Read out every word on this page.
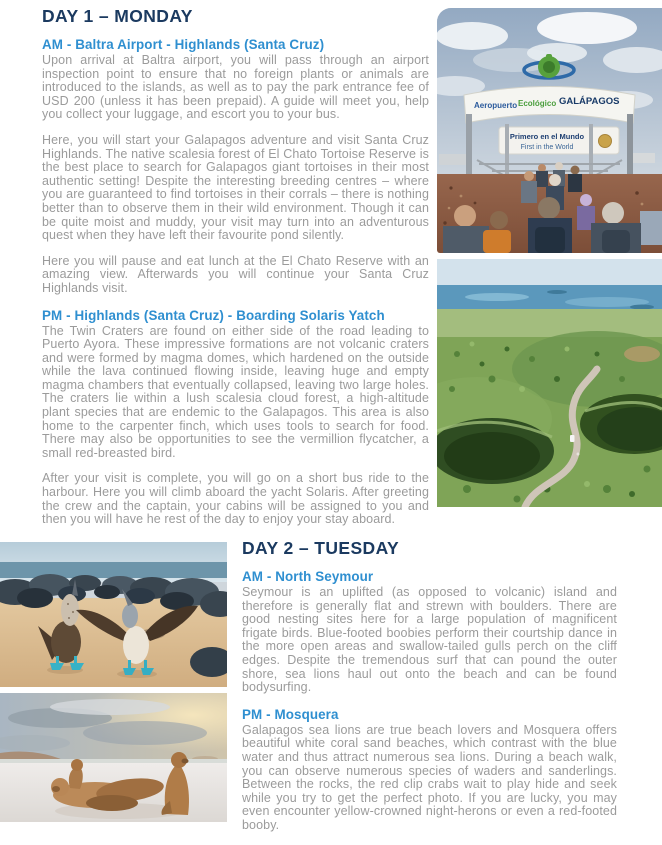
DAY 1 – MONDAY
AM - Baltra Airport - Highlands (Santa Cruz)

Upon arrival at Baltra airport, you will pass through an airport inspection point to ensure that no foreign plants or animals are introduced to the islands, as well as to pay the park entrance fee of USD 200 (unless it has been prepaid). A guide will meet you, help you collect your luggage, and escort you to your bus.

Here, you will start your Galapagos adventure and visit Santa Cruz Highlands. The native scalesia forest of El Chato Tortoise Reserve is the best place to search for Galapagos giant tortoises in their most authentic setting! Despite the interesting breeding centres – where you are guaranteed to find tortoises in their corrals – there is nothing better than to observe them in their wild environment. Though it can be quite moist and muddy, your visit may turn into an adventurous quest when they have left their favourite pond silently.

Here you will pause and eat lunch at the El Chato Reserve with an amazing view. Afterwards you will continue your Santa Cruz Highlands visit.

PM - Highlands (Santa Cruz) - Boarding Solaris Yatch

The Twin Craters are found on either side of the road leading to Puerto Ayora. These impressive formations are not volcanic craters and were formed by magma domes, which hardened on the outside while the lava continued flowing inside, leaving huge and empty magma chambers that eventually collapsed, leaving two large holes. The craters lie within a lush scalesia cloud forest, a high-altitude plant species that are endemic to the Galapagos. This area is also home to the carpenter finch, which uses tools to search for food. There may also be opportunities to see the vermillion flycatcher, a small red-breasted bird.

After your visit is complete, you will go on a short bus ride to the harbour. Here you will climb aboard the yacht Solaris. After greeting the crew and the captain, your cabins will be assigned to you and then you will have he rest of the day to enjoy your stay aboard.

DAY 2 – TUESDAY
AM - North Seymour

Seymour is an uplifted (as opposed to volcanic) island and therefore is generally flat and strewn with boulders. There are good nesting sites here for a large population of magnificent frigate birds. Blue-footed boobies perform their courtship dance in the more open areas and swallow-tailed gulls perch on the cliff edges. Despite the tremendous surf that can pound the outer shore, sea lions haul out onto the beach and can be found bodysurfing.

PM - Mosquera

Galapagos sea lions are true beach lovers and Mosquera offers beautiful white coral sand beaches, which contrast with the blue water and thus attract numerous sea lions. During a beach walk, you can observe numerous species of waders and sanderlings. Between the rocks, the red clip crabs wait to play hide and seek while you try to get the perfect photo. If you are lucky, you may even encounter yellow-crowned night-herons or even a red-footed booby.

Aeropuerto Ecológico GALÁPAGOS
Primero en el Mundo
First in the World
